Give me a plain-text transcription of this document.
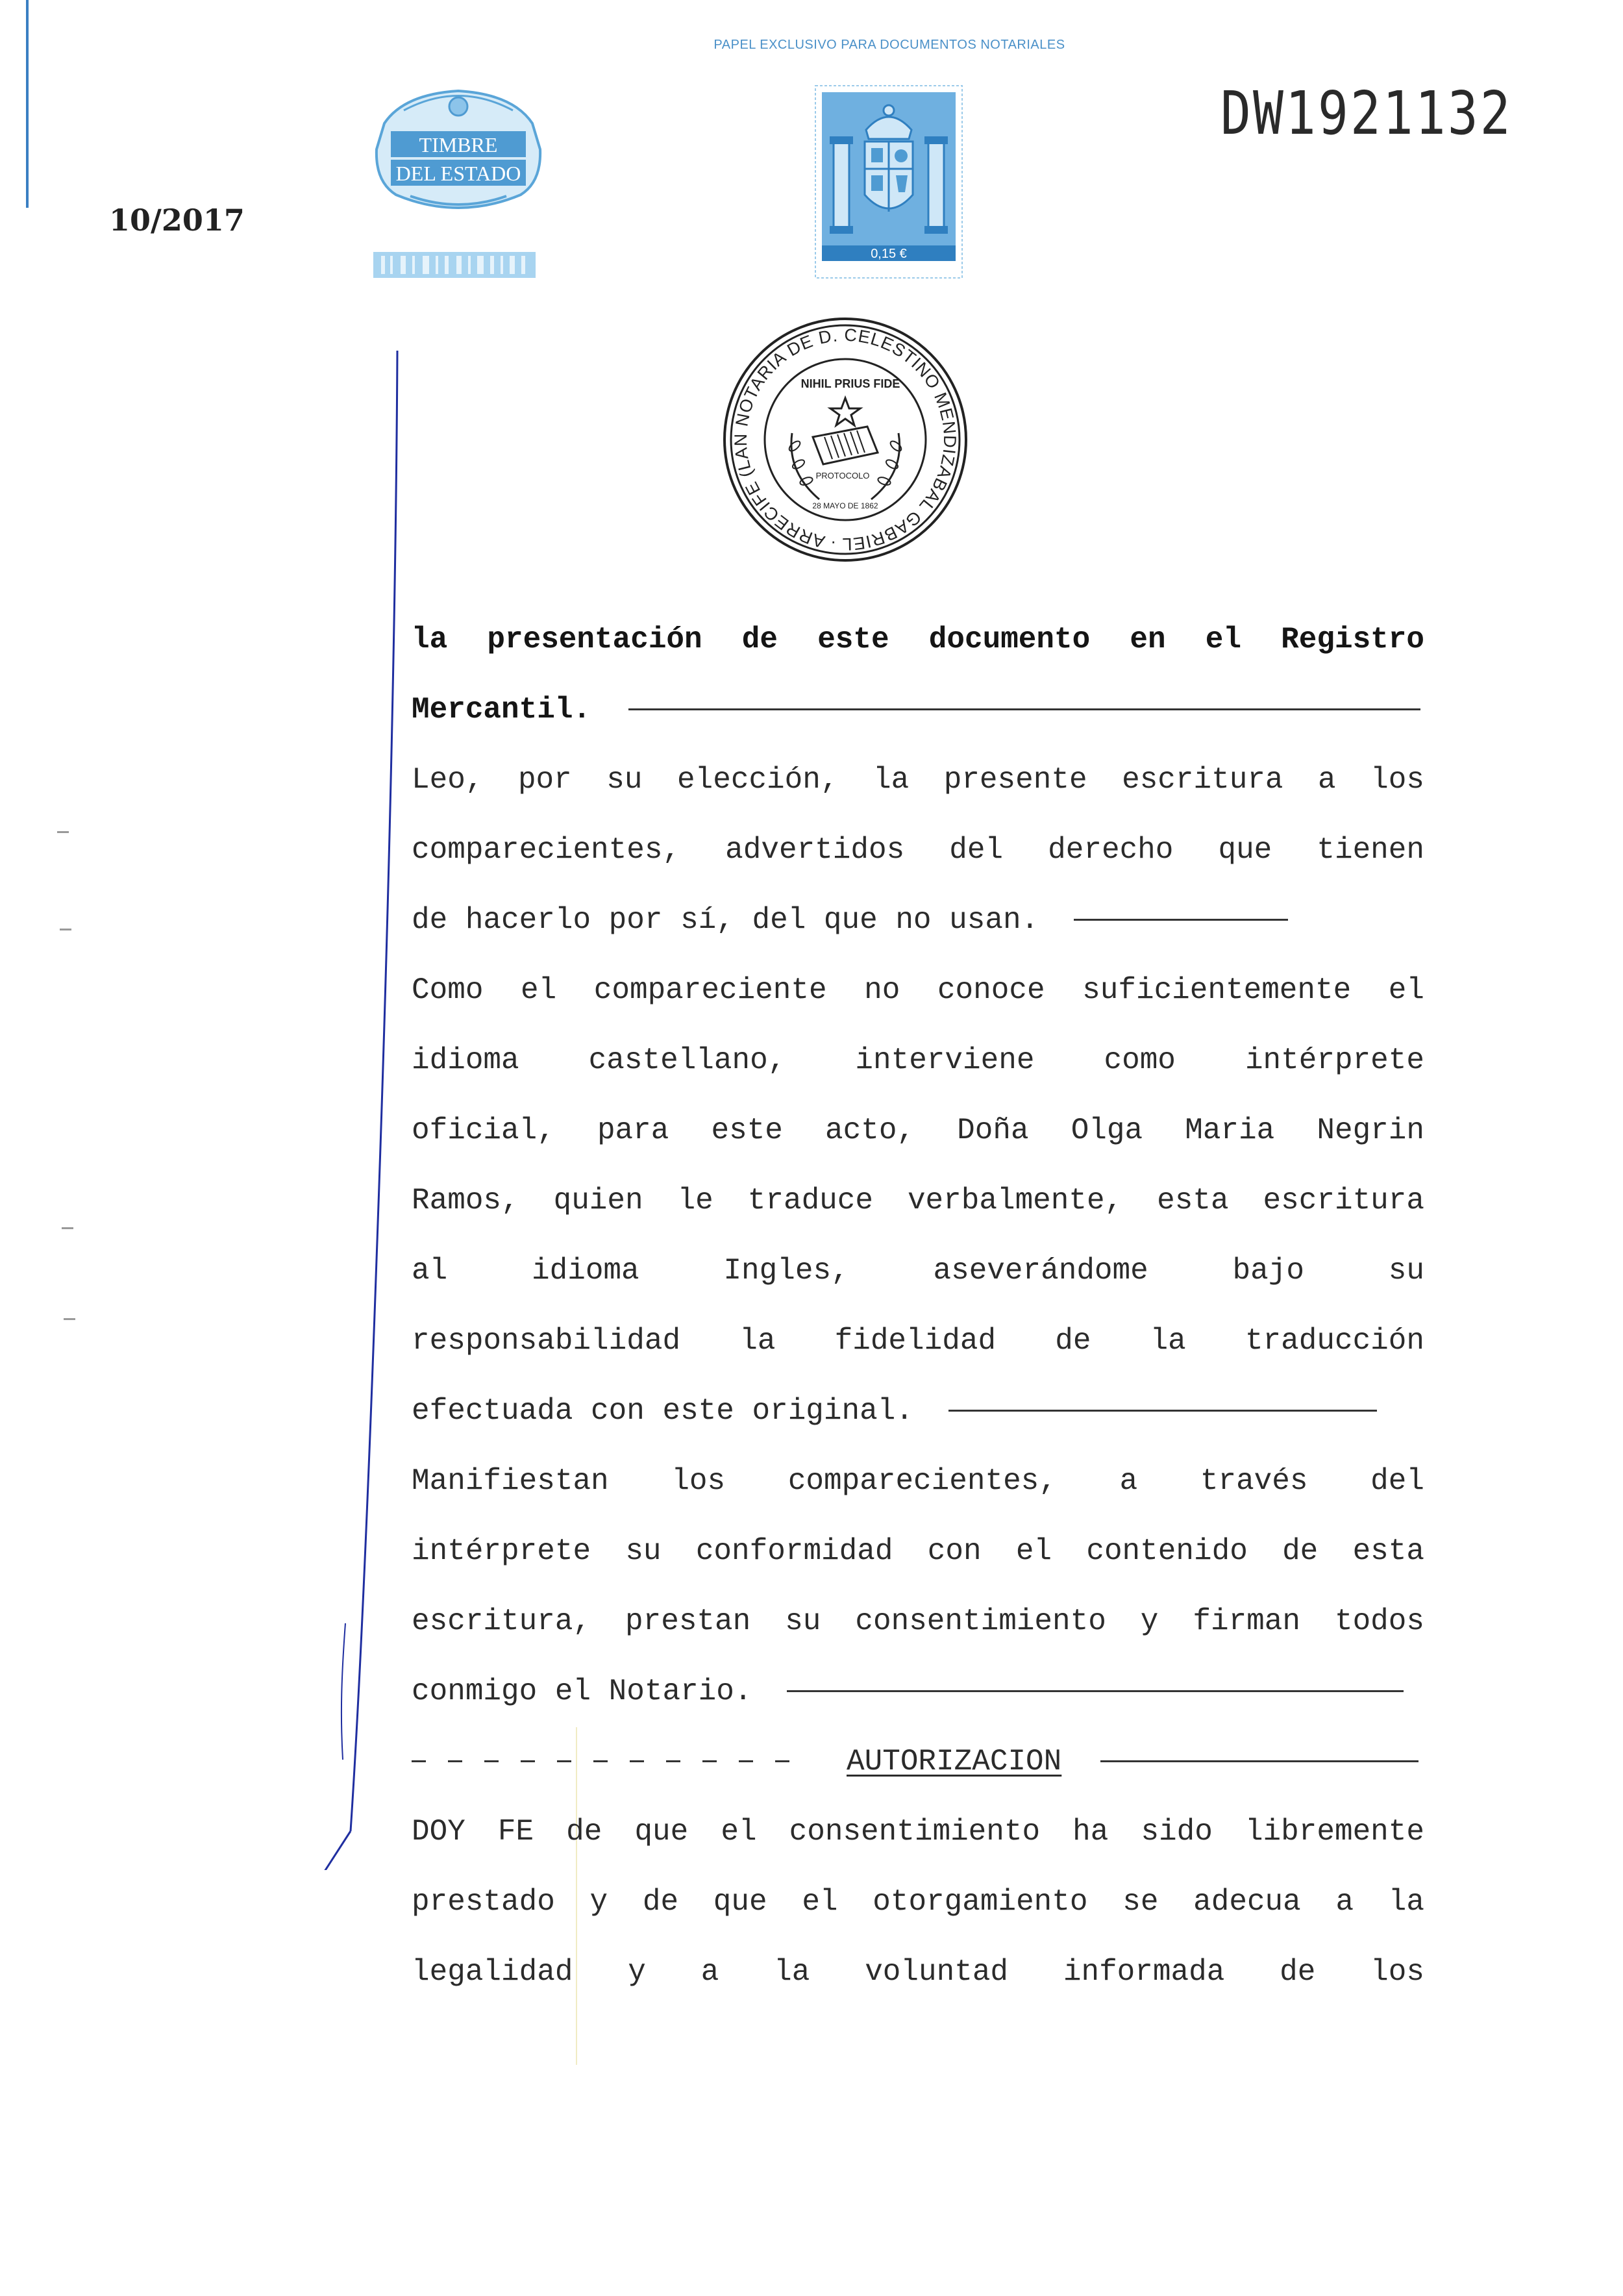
PAPEL EXCLUSIVO PARA DOCUMENTOS NOTARIALES
DW1921132
10/2017
TIMBRE
DEL ESTADO
0,15 €
NOTARIA DE D. CELESTINO MENDIZABAL GABRIEL · ARRECIFE (LAN
NIHIL PRIUS FIDE
PROTOCOLO
28 MAYO DE 1862
la presentación de este documento en el Registro
Mercantil.
Leo, por su elección, la presente escritura a los
comparecientes, advertidos del derecho que tienen
de hacerlo por sí, del que no usan.
Como el compareciente no conoce suficientemente el
idioma castellano, interviene como intérprete
oficial, para este acto, Doña Olga Maria Negrin
Ramos, quien le traduce verbalmente, esta escritura
al idioma Ingles, aseverándome bajo su
responsabilidad la fidelidad de la traducción
efectuada con este original.
Manifiestan los comparecientes, a través del
intérprete su conformidad con el contenido de esta
escritura, prestan su consentimiento y firman todos
conmigo el Notario.
AUTORIZACION
DOY FE de que el consentimiento ha sido libremente
prestado y de que el otorgamiento se adecua a la
legalidad y a la voluntad informada de los
